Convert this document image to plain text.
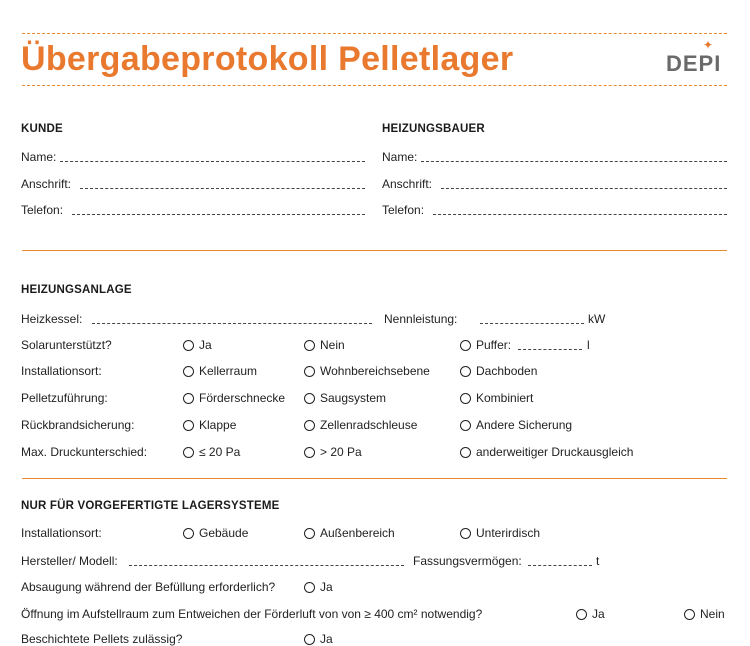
Übergabeprotokoll Pelletlager	DEPI
✦
KUNDE
Name:
Anschrift:
Telefon:
HEIZUNGSBAUER
Name:
Anschrift:
Telefon:
HEIZUNGSANLAGE
Heizkessel:	Nennleistung:	kW
Solarunterstützt?	Ja	Nein	Puffer:	l
Installationsort:	Kellerraum	Wohnbereichsebene	Dachboden
Pelletzuführung:	Förderschnecke	Saugsystem	Kombiniert
Rückbrandsicherung:	Klappe	Zellenradschleuse	Andere Sicherung
Max. Druckunterschied:	≤ 20 Pa	> 20 Pa	anderweitiger Druckausgleich
NUR FÜR VORGEFERTIGTE LAGERSYSTEME
Installationsort:	Gebäude	Außenbereich	Unterirdisch
Hersteller/ Modell:	Fassungsvermögen:	t
Absaugung während der Befüllung erforderlich?	Ja
Öffnung im Aufstellraum zum Entweichen der Förderluft von von ≥ 400 cm² notwendig?	Ja	Nein
Beschichtete Pellets zulässig?	Ja
